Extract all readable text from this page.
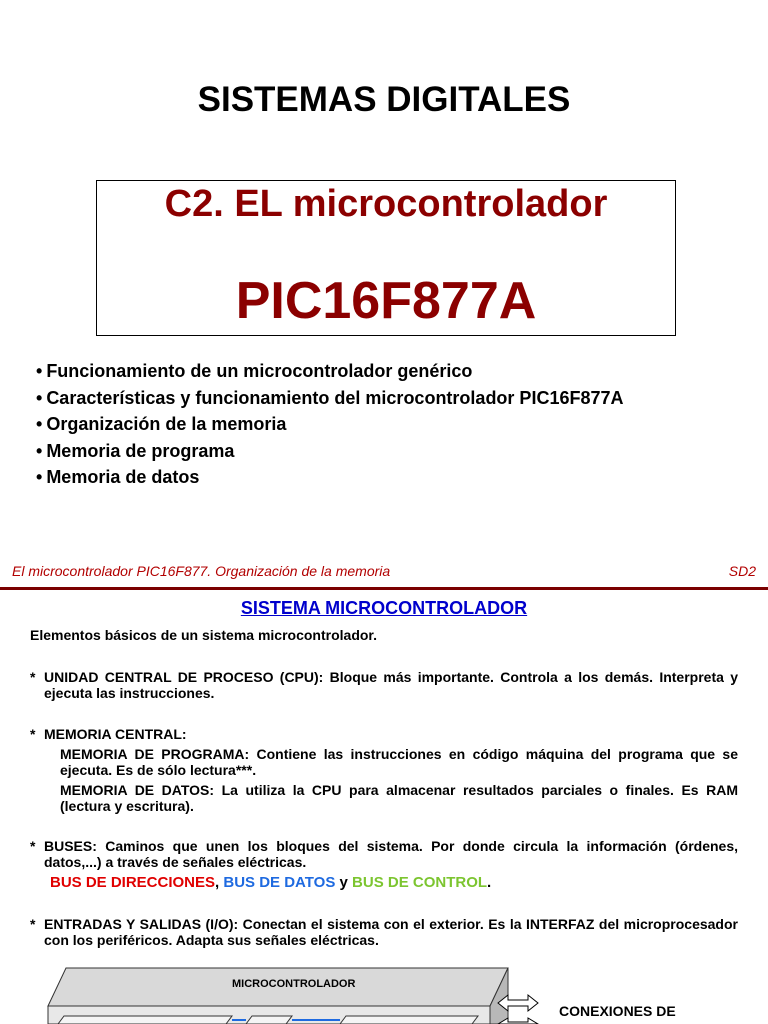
SISTEMAS DIGITALES
C2. EL microcontrolador
PIC16F877A
• Funcionamiento de un microcontrolador genérico
• Características y funcionamiento del microcontrolador PIC16F877A
• Organización de la memoria
• Memoria de programa
• Memoria de datos
El microcontrolador PIC16F877. Organización de la memoria	SD2
SISTEMA MICROCONTROLADOR
Elementos básicos de un sistema microcontrolador.
* UNIDAD CENTRAL DE PROCESO (CPU): Bloque más importante. Controla a los demás. Interpreta y ejecuta las instrucciones.
* MEMORIA CENTRAL:
MEMORIA DE PROGRAMA: Contiene las instrucciones en código máquina del programa que se ejecuta. Es de sólo lectura***.
MEMORIA DE DATOS: La utiliza la CPU para almacenar resultados parciales o finales. Es RAM (lectura y escritura).
* BUSES: Caminos que unen los bloques del sistema. Por donde circula la información (órdenes, datos,...) a través de señales eléctricas.
BUS DE DIRECCIONES, BUS DE DATOS y BUS DE CONTROL.
* ENTRADAS Y SALIDAS (I/O): Conectan el sistema con el exterior. Es la INTERFAZ del microprocesador con los periféricos. Adapta sus señales eléctricas.
MICROCONTROLADOR
CONEXIONES DE
